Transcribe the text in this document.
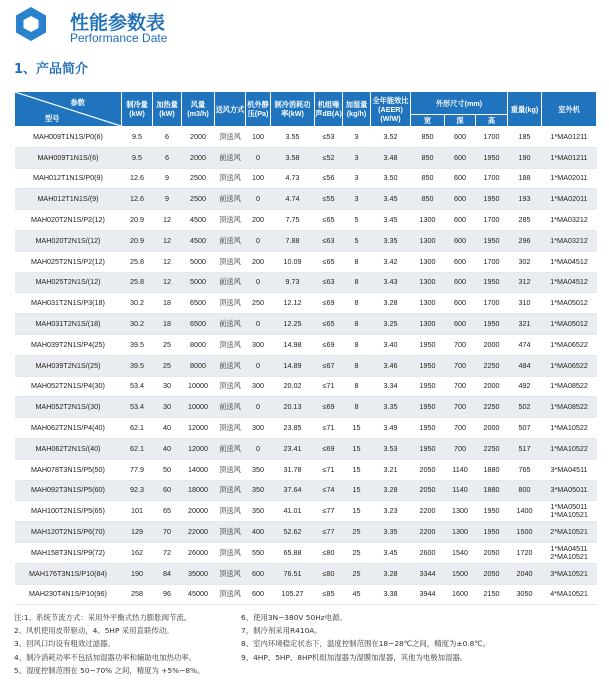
性能参数表
Performance Date
1、产品简介
参数
型号	制冷量(kW)	加热量(kW)	风量(m3/h)	送风方式	机外静压(Pa)	制冷消耗功率(kW)	机组噪声dB(A)	加湿量(kg/h)	全年能效比(AEER)(W/W)	外形尺寸(mm)			重量(kg)	室外机
										宽	深	高		
MAH009T1N1S/P0(6)	9.5	6	2000	顶送风	100	3.55	≤53	3	3.52	850	600	1700	185	1*MA01211

MAH009T1N1S/(6)	9.5	6	2000	前送风	0	3.58	≤52	3	3.48	850	600	1950	190	1*MA01211

MAH012T1N1S/P0(9)	12.6	9	2500	顶送风	100	4.73	≤56	3	3.50	850	600	1700	188	1*MA02011

MAH012T1N1S/(9)	12.6	9	2500	前送风	0	4.74	≤55	3	3.45	850	600	1950	193	1*MA02011

MAH020T2N1S/P2(12)	20.9	12	4500	顶送风	200	7.75	≤65	5	3.45	1300	600	1700	285	1*MA03212

MAH020T2N1S/(12)	20.9	12	4500	前送风	0	7.88	≤63	5	3.35	1300	600	1950	296	1*MA03212

MAH025T2N1S/P2(12)	25.8	12	5000	顶送风	200	10.09	≤65	8	3.42	1300	600	1700	302	1*MA04512

MAH025T2N1S/(12)	25.8	12	5000	前送风	0	9.73	≤63	8	3.43	1300	600	1950	312	1*MA04512

MAH031T2N1S/P3(18)	30.2	18	6500	顶送风	250	12.12	≤69	8	3.28	1300	600	1700	310	1*MA05012

MAH031T2N1S/(18)	30.2	18	6500	前送风	0	12.25	≤65	8	3.25	1300	600	1950	321	1*MA05012

MAH039T2N1S/P4(25)	39.5	25	8000	顶送风	300	14.98	≤69	8	3.40	1950	700	2000	474	1*MA06522

MAH039T2N1S/(25)	39.5	25	8000	前送风	0	14.89	≤67	8	3.46	1950	700	2250	484	1*MA06522

MAH052T2N1S/P4(30)	53.4	30	10000	顶送风	300	20.02	≤71	8	3.34	1950	700	2000	492	1*MA08522

MAH052T2N1S/(30)	53.4	30	10000	前送风	0	20.13	≤69	8	3.35	1950	700	2250	502	1*MA08522

MAH062T2N1S/P4(40)	62.1	40	12000	顶送风	300	23.85	≤71	15	3.49	1950	700	2000	507	1*MA10522

MAH062T2N1S/(40)	62.1	40	12000	前送风	0	23.41	≤69	15	3.53	1950	700	2250	517	1*MA10522

MAH078T3N1S/P5(50)	77.9	50	14000	顶送风	350	31.78	≤71	15	3.21	2050	1140	1880	765	3*MA04511

MAH092T3N1S/P5(60)	92.3	60	18000	顶送风	350	37.64	≤74	15	3.28	2050	1140	1880	800	3*MA05011

MAH100T2N1S/P5(65)	101	65	20000	顶送风	350	41.01	≤77	15	3.23	2200	1300	1950	1400	1*MA05011
1*MA10521

MAH120T2N1S/P6(70)	129	70	22000	顶送风	400	52.62	≤77	25	3.35	2200	1300	1950	1500	2*MA10521

MAH158T3N1S/P9(72)	162	72	26000	顶送风	550	65.88	≤80	25	3.45	2600	1540	2050	1720	1*MA04511
2*MA10521

MAH176T3N1S/P10(84)	190	84	35000	顶送风	600	76.51	≤80	25	3.28	3344	1500	2050	2040	3*MA10521

MAH230T4N1S/P10(96)	258	96	45000	顶送风	600	105.27	≤85	45	3.38	3944	1600	2150	3050	4*MA10521
注:1、系统节流方式：采用外平衡式热力膨胀阀节流。
2、风机使用皮带驱动，4、5HP 采用直联传动。
3、回风口均设有粗效过滤器。
4、制冷消耗功率不包括加湿器功率和辅助电加热功率。
5、湿度控制范围在 50~70% 之间，精度为 +5%~8%。
6、使用3N~380V 50Hz电源。
7、制冷剂采用R410A。
8、室内环境稳定状态下，温度控制范围在18~28℃之间，精度为±0.8℃。
9、4HP、5HP、8HP机组加湿器为湿膜加湿器，其他为电极加湿器。
